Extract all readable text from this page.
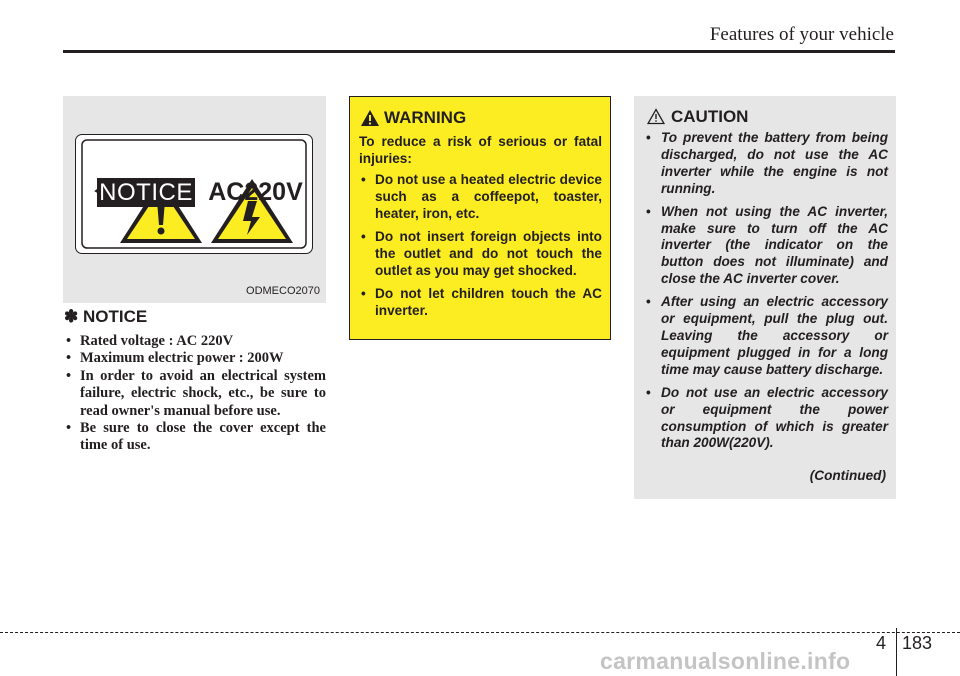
Features of your vehicle
NOTICE AC220V
ODMECO2070
✽ NOTICE
• Rated voltage : AC 220V
• Maximum electric power : 200W
• In order to avoid an electrical system failure, electric shock, etc., be sure to read owner's manual before use.
• Be sure to close the cover except the time of use.
WARNING

To reduce a risk of serious or fatal injuries:

• Do not use a heated electric device such as a coffeepot, toaster, heater, iron, etc.
• Do not insert foreign objects into the outlet and do not touch the outlet as you may get shocked.
• Do not let children touch the AC inverter.
CAUTION
• To prevent the battery from being discharged, do not use the AC inverter while the engine is not running.
• When not using the AC inverter, make sure to turn off the AC inverter (the indicator on the button does not illuminate) and close the AC inverter cover.
• After using an electric accessory or equipment, pull the plug out. Leaving the accessory or equipment plugged in for a long time may cause battery discharge.
• Do not use an electric accessory or equipment the power consumption of which is greater than 200W(220V).
(Continued)
4 183
carmanualsonline.info
